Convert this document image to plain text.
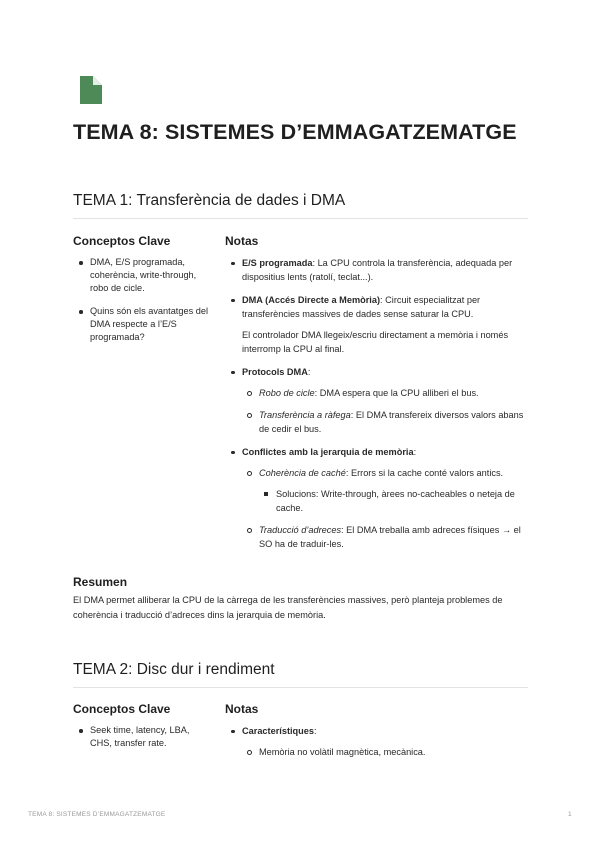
TEMA 8: SISTEMES D’EMMAGATZEMATGE
TEMA 1: Transferència de dades i DMA
Conceptos Clave
DMA, E/S programada, coherència, write-through, robo de cicle.
Quins són els avantatges del DMA respecte a l’E/S programada?
Notas
E/S programada: La CPU controla la transferència, adequada per dispositius lents (ratolí, teclat...).
DMA (Accés Directe a Memòria): Circuit especialitzat per transferències massives de dades sense saturar la CPU.

El controlador DMA llegeix/escriu directament a memòria i només interromp la CPU al final.

Protocols DMA:
Robo de cicle: DMA espera que la CPU alliberi el bus.
Transferència a ràfega: El DMA transfereix diversos valors abans de cedir el bus.
Conflictes amb la jerarquia de memòria:
Coherència de caché: Errors si la cache conté valors antics.
Solucions: Write-through, àrees no-cacheables o neteja de cache.
Traducció d’adreces: El DMA treballa amb adreces físiques → el SO ha de traduir-les.
Resumen

El DMA permet alliberar la CPU de la càrrega de les transferències massives, però planteja problemes de coherència i traducció d’adreces dins la jerarquia de memòria.

TEMA 2: Disc dur i rendiment
Conceptos Clave
Seek time, latency, LBA, CHS, transfer rate.
Notas
Característiques:
Memòria no volàtil magnètica, mecànica.
TEMA 8: SISTEMES D’EMMAGATZEMATGE	1
